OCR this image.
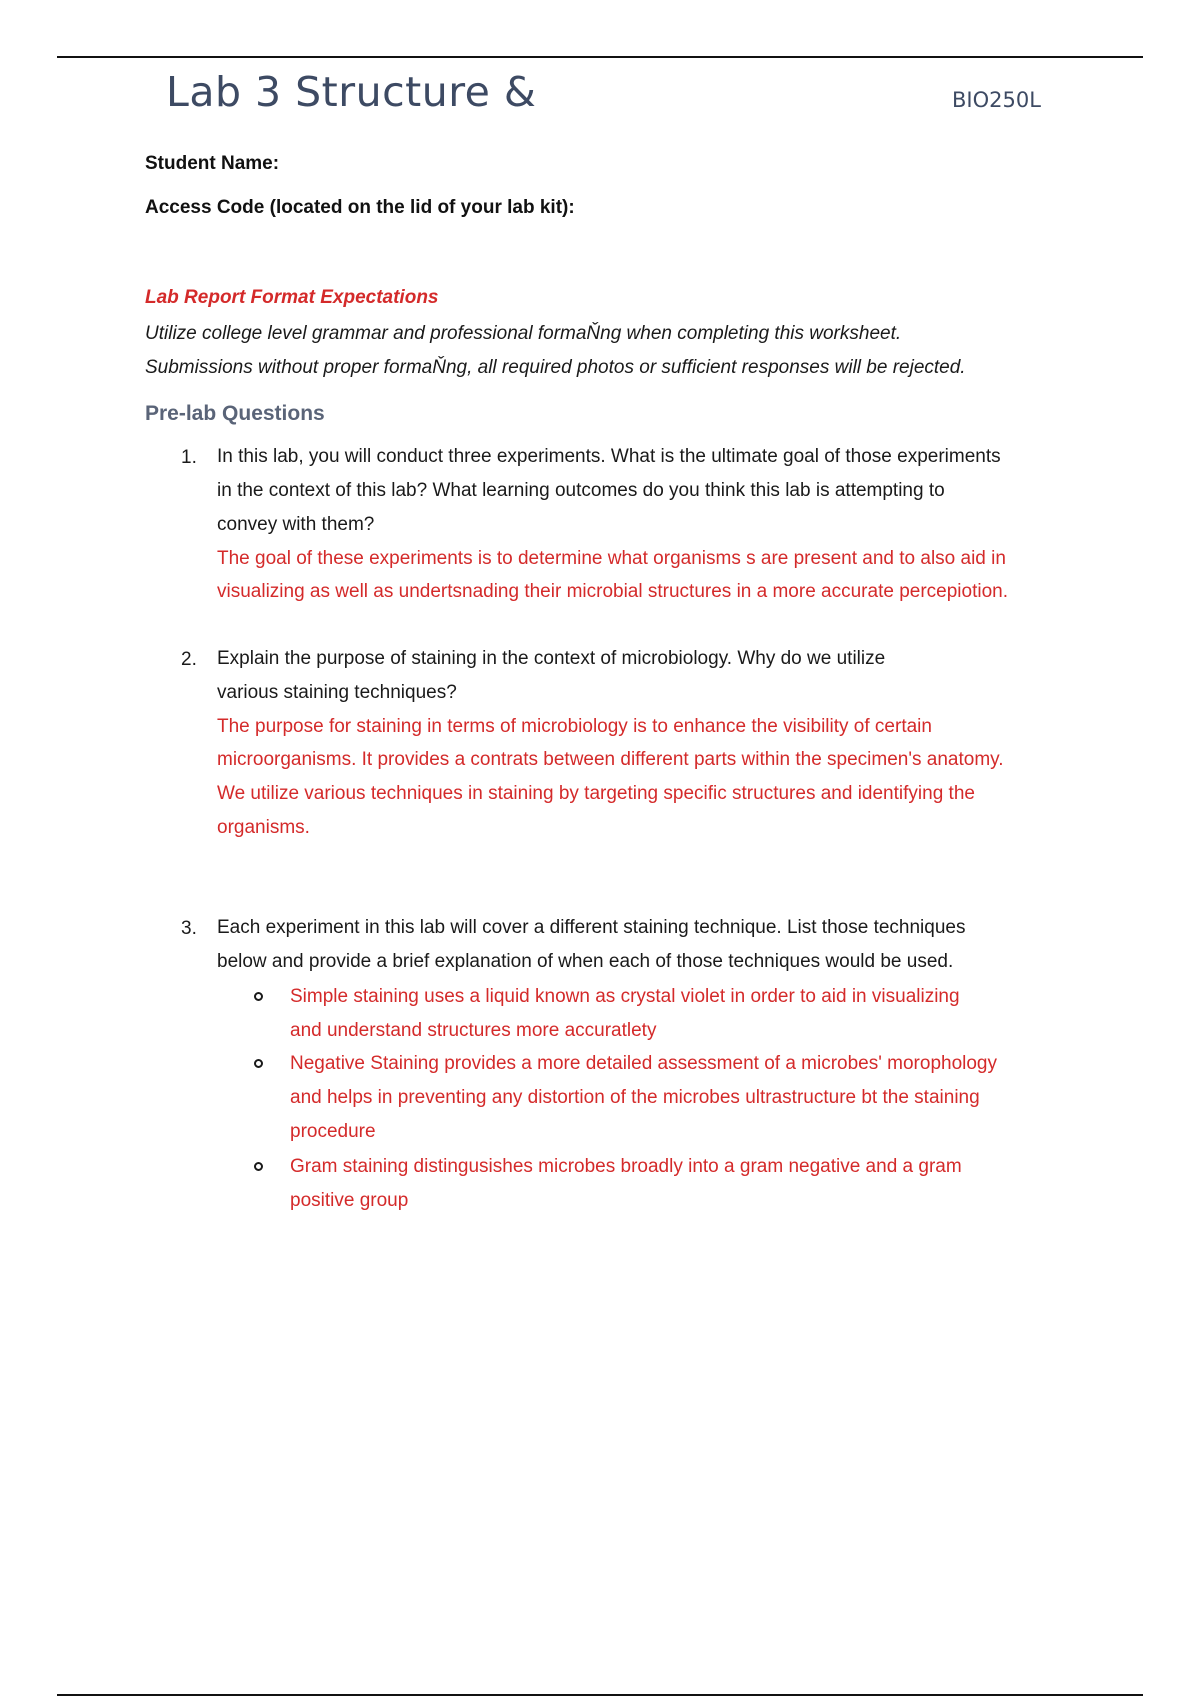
Lab 3 Structure &	BIO250L
Student Name:
Access Code (located on the lid of your lab kit):
Lab Report Format Expectations
Utilize college level grammar and professional formaŇng when completing this worksheet.
Submissions without proper formaŇng, all required photos or sufficient responses will be rejected.
Pre-lab Questions
1. In this lab, you will conduct three experiments. What is the ultimate goal of those experiments
in the context of this lab? What learning outcomes do you think this lab is attempting to
convey with them?
The goal of these experiments is to determine what organisms s are present and to also aid in
visualizing as well as undertsnading their microbial structures in a more accurate percepiotion.
2. Explain the purpose of staining in the context of microbiology. Why do we utilize
various staining techniques?
The purpose for staining in terms of microbiology is to enhance the visibility of certain
microorganisms. It provides a contrats between different parts within the specimen's anatomy.
We utilize various techniques in staining by targeting specific structures and identifying the
organisms.
3. Each experiment in this lab will cover a different staining technique. List those techniques
below and provide a brief explanation of when each of those techniques would be used.
Simple staining uses a liquid known as crystal violet in order to aid in visualizing
and understand structures more accuratlety
Negative Staining provides a more detailed assessment of a microbes' morophology
and helps in preventing any distortion of the microbes ultrastructure bt the staining
procedure
Gram staining distingusishes microbes broadly into a gram negative and a gram
positive group
